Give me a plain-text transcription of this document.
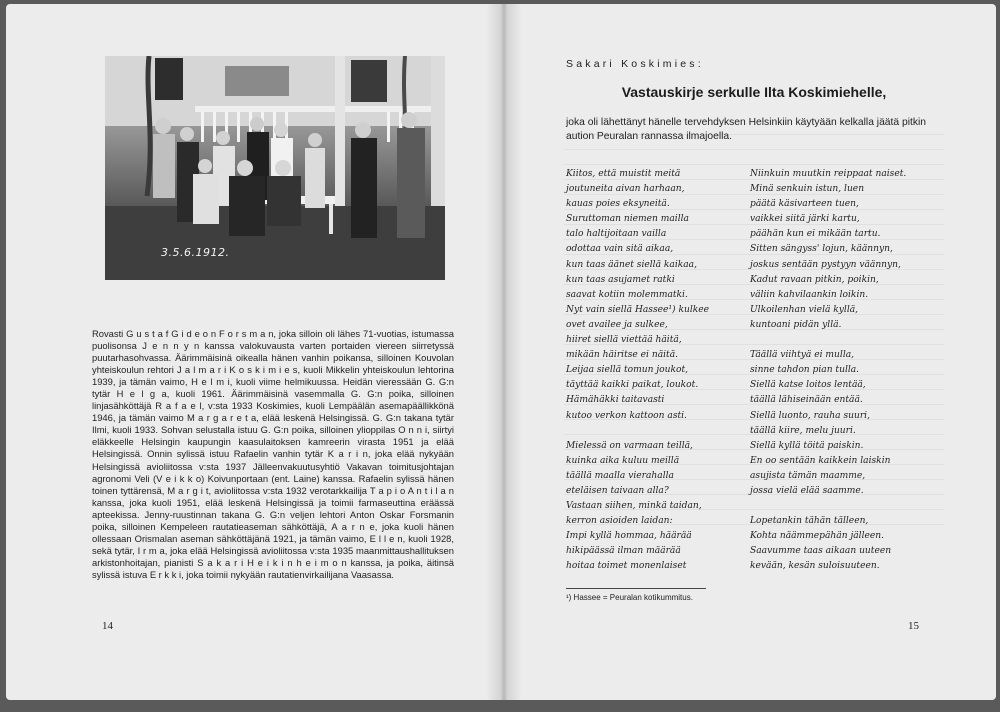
3.5.6.1912.

Rovasti G u s t a f G i d e o n F o r s m a n, joka silloin oli lähes 71-vuotias, istumassa puolisonsa J e n n y n kanssa valokuvausta varten portaiden viereen siirretyssä puutarhasohvassa. Äärimmäisinä oikealla hänen vanhin poikansa, silloinen Kouvolan yhteiskoulun rehtori J a l m a r i K o s k i m i e s, kuoli Mikkelin yhteiskoulun lehtorina 1939, ja tämän vaimo, H e l m i, kuoli viime helmikuussa. Heidän vieressään G. G:n tytär H e l g a, kuoli 1961. Äärimmäisinä vasemmalla G. G:n poika, silloinen linjasähköttäjä R a f a e l, v:sta 1933 Koskimies, kuoli Lempäälän asemapäällikkönä 1946, ja tämän vaimo M a r g a r e t a, elää leskenä Helsingissä. G. G:n takana tytär Ilmi, kuoli 1933. Sohvan selustalla istuu G. G:n poika, silloinen ylioppilas O n n i, siirtyi eläkkeelle Helsingin kaupungin kaasulaitoksen kamreerin virasta 1951 ja elää Helsingissä. Onnin sylissä istuu Rafaelin vanhin tytär K a r i n, joka elää nykyään Helsingissä avioliitossa v:sta 1937 Jälleenvakuutusyhtiö Vakavan toimitusjohtajan agronomi Veli (V e i k k o) Koivunportaan (ent. Laine) kanssa. Rafaelin sylissä hänen toinen tyttärensä, M a r g i t, avioliitossa v:sta 1932 verotarkkailija T a p i o A n t i l a n kanssa, joka kuoli 1951, elää leskenä Helsingissä ja toimii farmaseuttina eräässä apteekissa. Jenny-ruustinnan takana G. G:n veljen lehtori Anton Oskar Forsmanin poika, silloinen Kempeleen rautatieaseman sähköttäjä, A a r n e, joka kuoli hänen ollessaan Orismalan aseman sähköttäjänä 1921, ja tämän vaimo, E l l e n, kuoli 1928, sekä tytär, I r m a, joka elää Helsingissä avioliitossa v:sta 1935 maanmittaushallituksen arkistonhoitajan, pianisti S a k a r i H e i k i n h e i m o n kanssa, ja poika, äitinsä sylissä istuva E r k k i, joka toimii nykyään rautatienvirkailijana Vaasassa.

14

Sakari Koskimies:

Vastauskirje serkulle Ilta Koskimiehelle,

joka oli lähettänyt hänelle tervehdyksen Helsinkiin käytyään kelkalla jäätä pitkin aution Peuralan rannassa ilmajoella.

Kiitos, että muistit meitä
joutuneita aivan harhaan,
kauas poies eksyneitä.
Suruttoman niemen mailla
talo haltijoitaan vailla
odottaa vain sitä aikaa,
kun taas äänet siellä kaikaa,
kun taas asujamet ratki
saavat kotiin molemmatki.
Nyt vain siellä Hassee¹) kulkee
ovet availee ja sulkee,
hiiret siellä viettää häitä,
mikään häiritse ei näitä.
Leijaa siellä tomun joukot,
täyttää kaikki paikat, loukot.
Hämähäkki taitavasti
kutoo verkon kattoon asti.
Mielessä on varmaan teillä,
kuinka aika kuluu meillä
täällä maalla vierahalla
eteläisen taivaan alla?
Vastaan siihen, minkä taidan,
kerron asioiden laidan:
Impi kyllä hommaa, häärää
hikipäässä ilman määrää
hoitaa toimet monenlaiset
Niinkuin muutkin reippaat naiset.
Minä senkuin istun, luen
päätä käsivarteen tuen,
vaikkei siitä järki kartu,
päähän kun ei mikään tartu.
Sitten sängyss' lojun, käännyn,
joskus sentään pystyyn väännyn,
Kadut ravaan pitkin, poikin,
väliin kahvilaankin loikin.
Ulkoilenhan vielä kyllä,
kuntoani pidän yllä.
Täällä viihtyä ei mulla,
sinne tahdon pian tulla.
Siellä katse loitos lentää,
täällä lähiseinään entää.
Siellä luonto, rauha suuri,
täällä kiire, melu juuri.
Siellä kyllä töitä paiskin.
En oo sentään kaikkein laiskin
asujista tämän maamme,
jossa vielä elää saamme.
Lopetankin tähän tälleen,
Kohta näämmepähän jälleen.
Saavumme taas aikaan uuteen
kevään, kesän suloisuuteen.
¹) Hassee = Peuralan kotikummitus.
15
